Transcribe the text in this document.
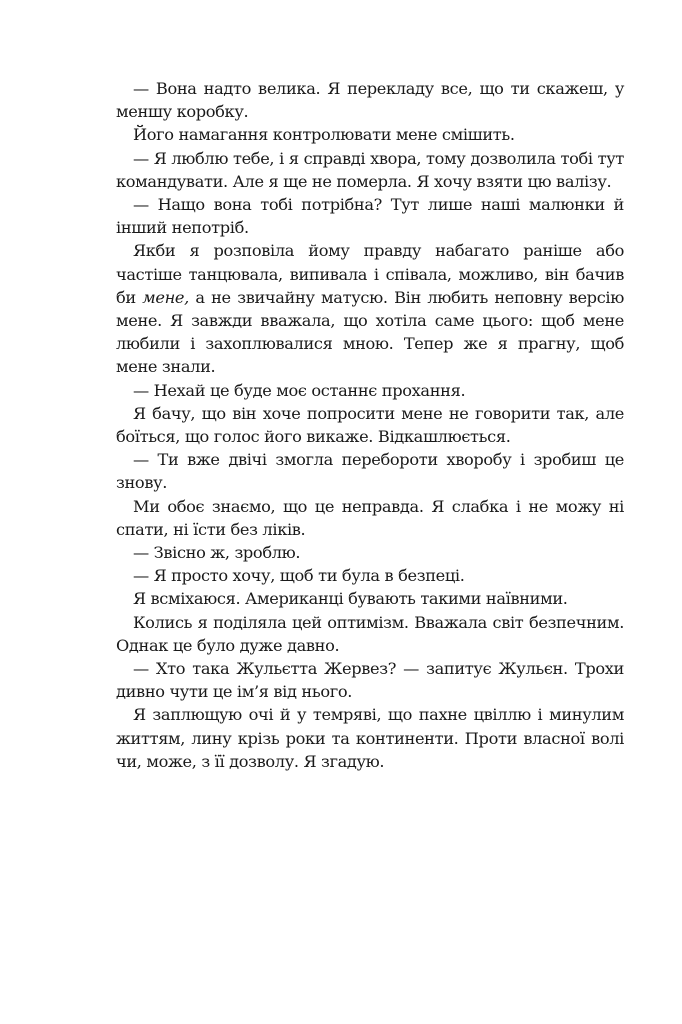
— Вона надто велика. Я перекладу все, що ти скажеш, у меншу коробку.

Його намагання контролювати мене смішить.

— Я люблю тебе, і я справді хвора, тому дозволила тобі тут командувати. Але я ще не померла. Я хочу взяти цю валізу.

— Нащо вона тобі потрібна? Тут лише наші малюнки й інший непотріб.

Якби я розповіла йому правду набагато раніше або частіше танцювала, випивала і співала, можливо, він бачив би мене, а не звичайну матусю. Він любить неповну версію мене. Я завжди вважала, що хотіла саме цього: щоб мене любили і захоплювалися мною. Тепер же я прагну, щоб мене знали.

— Нехай це буде моє останнє прохання.

Я бачу, що він хоче попросити мене не говорити так, але боїться, що голос його викаже. Відкашлюється.

— Ти вже двічі змогла перебороти хворобу і зробиш це знову.

Ми обоє знаємо, що це неправда. Я слабка і не можу ні спати, ні їсти без ліків.

— Звісно ж, зроблю.

— Я просто хочу, щоб ти була в безпеці.

Я всміхаюся. Американці бувають такими наївними.

Колись я поділяла цей оптимізм. Вважала світ безпечним. Однак це було дуже давно.

— Хто така Жульєтта Жервез? — запитує Жульєн. Трохи дивно чути це ім’я від нього.

Я заплющую очі й у темряві, що пахне цвіллю і минулим життям, лину крізь роки та континенти. Проти власної волі чи, може, з її дозволу. Я згадую.
